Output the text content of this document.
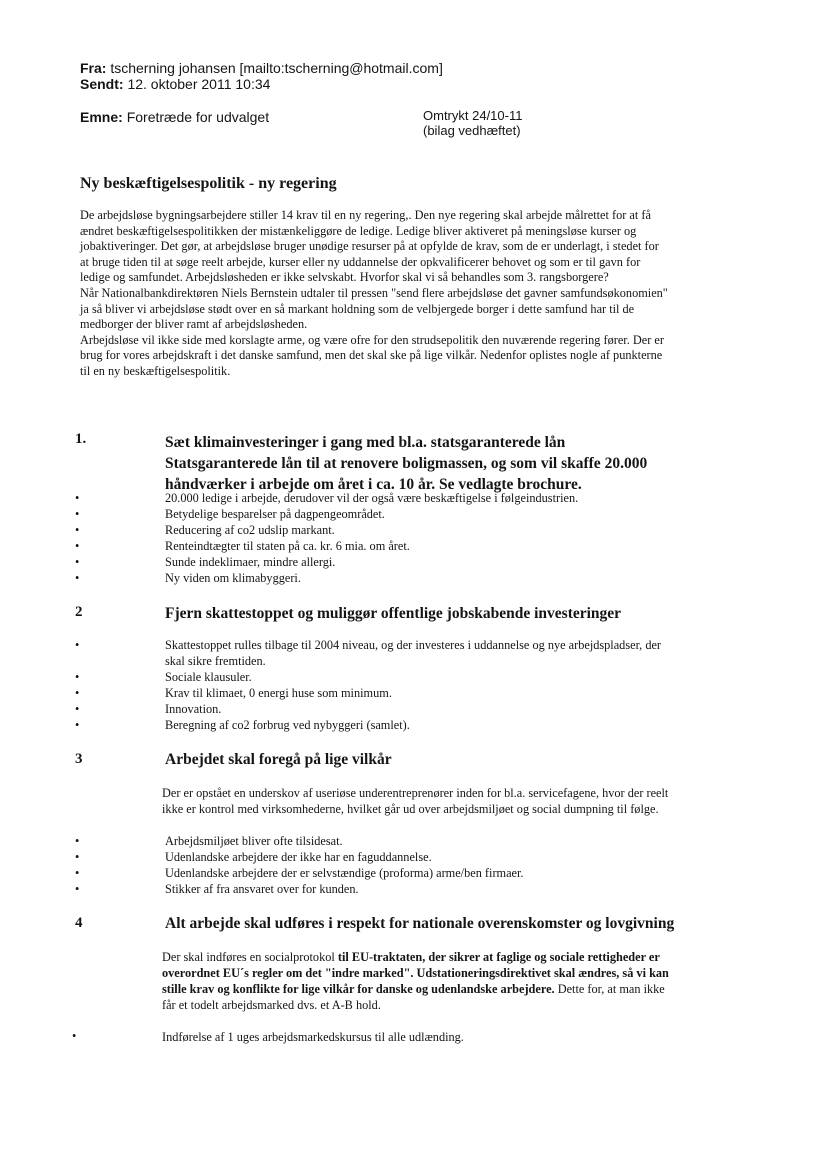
Fra: tscherning johansen [mailto:tscherning@hotmail.com]
Sendt: 12. oktober 2011 10:34
Emne: Foretræde for udvalget	Omtrykt 24/10-11
(bilag vedhæftet)
Ny beskæftigelsespolitik - ny regering
De arbejdsløse bygningsarbejdere stiller 14 krav til en ny regering,. Den nye regering skal arbejde målrettet for at få
ændret beskæftigelsespolitikken der mistænkeliggøre de ledige. Ledige bliver aktiveret på meningsløse kurser og
jobaktiveringer. Det gør, at arbejdsløse bruger unødige resurser på at opfylde de krav, som de er underlagt, i stedet for
at bruge tiden til at søge reelt arbejde, kurser eller ny uddannelse der opkvalificerer behovet og som er til gavn for
ledige og samfundet. Arbejdsløsheden er ikke selvskabt. Hvorfor skal vi så behandles som 3. rangsborgere?
Når Nationalbankdirektøren Niels Bernstein udtaler til pressen "send flere arbejdsløse det gavner samfundsøkonomien"
ja så bliver vi arbejdsløse stødt over en så markant holdning som de velbjergede borger i dette samfund har til de
medborger der bliver ramt af arbejdsløsheden.
Arbejdsløse vil ikke side med korslagte arme, og være ofre for den strudsepolitik den nuværende regering fører. Der er
brug for vores arbejdskraft i det danske samfund, men det skal ske på lige vilkår. Nedenfor oplistes nogle af punkterne
til en ny beskæftigelsespolitik.
1.	Sæt klimainvesteringer i gang med bl.a. statsgaranterede lån
Statsgaranterede lån til at renovere boligmassen, og som vil skaffe 20.000
håndværker i arbejde om året i ca. 10 år. Se vedlagte brochure.
•	20.000 ledige i arbejde, derudover vil der også være beskæftigelse i følgeindustrien.
•	Betydelige besparelser på dagpengeområdet.
•	Reducering af co2 udslip markant.
•	Renteindtægter til staten på ca. kr. 6 mia. om året.
•	Sunde indeklimaer, mindre allergi.
•	Ny viden om klimabyggeri.
2	Fjern skattestoppet og muliggør offentlige jobskabende investeringer
•	Skattestoppet rulles tilbage til 2004 niveau, og der investeres i uddannelse og nye arbejdspladser, der
skal sikre fremtiden.
•	Sociale klausuler.
•	Krav til klimaet, 0 energi huse som minimum.
•	Innovation.
•	Beregning af co2 forbrug ved nybyggeri (samlet).
3	Arbejdet skal foregå på lige vilkår
Der er opstået en underskov af useriøse underentreprenører inden for bl.a. servicefagene, hvor der reelt
ikke er kontrol med virksomhederne, hvilket går ud over arbejdsmiljøet og social dumpning til følge.
•	Arbejdsmiljøet bliver ofte tilsidesat.
•	Udenlandske arbejdere der ikke har en faguddannelse.
•	Udenlandske arbejdere der er selvstændige (proforma) arme/ben firmaer.
•	Stikker af fra ansvaret over for kunden.
4	Alt arbejde skal udføres i respekt for nationale overenskomster og lovgivning
Der skal indføres en socialprotokol til EU-traktaten, der sikrer at faglige og sociale rettigheder er
overordnet EU´s regler om det "indre marked". Udstationeringsdirektivet skal ændres, så vi kan
stille krav og konflikte for lige vilkår for danske og udenlandske arbejdere. Dette for, at man ikke
får et todelt arbejdsmarked dvs. et A-B hold.
•	Indførelse af 1 uges arbejdsmarkedskursus til alle udlænding.
